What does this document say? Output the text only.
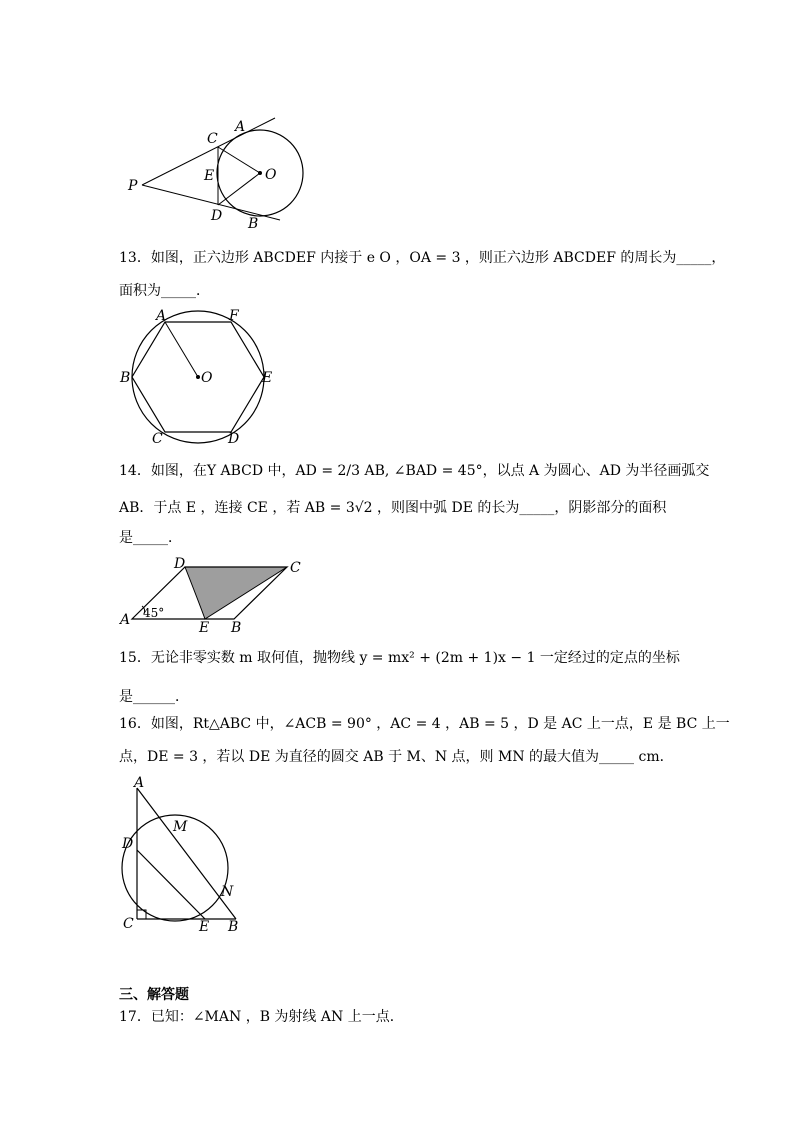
A
C
E	O
P
D B
13．如图，正六边形 ABCDEF 内接于 e O ，OA = 3 ，则正六边形 ABCDEF 的周长为_____，
面积为_____．
A	F
B	O	E
C	D
14．如图，在Y ABCD 中，AD = 2/3 AB, ∠BAD = 45°，以点 A 为圆心、AD 为半径画弧交
AB．于点 E ，连接 CE ，若 AB = 3√2 ，则图中弧 DE 的长为_____，阴影部分的面积
是_____．
A
D	C
E B
45°
15．无论非零实数 m 取何值，抛物线 y = mx² + (2m + 1)x − 1 一定经过的定点的坐标
是______．
16．如图，Rt△ABC 中，∠ACB = 90° ，AC = 4 ，AB = 5 ，D 是 AC 上一点，E 是 BC 上一
点，DE = 3 ，若以 DE 为直径的圆交 AB 于 M、N 点，则 MN 的最大值为_____ cm．
A
M
D
N
C	E B
三、解答题
17．已知：∠MAN ，B 为射线 AN 上一点．
